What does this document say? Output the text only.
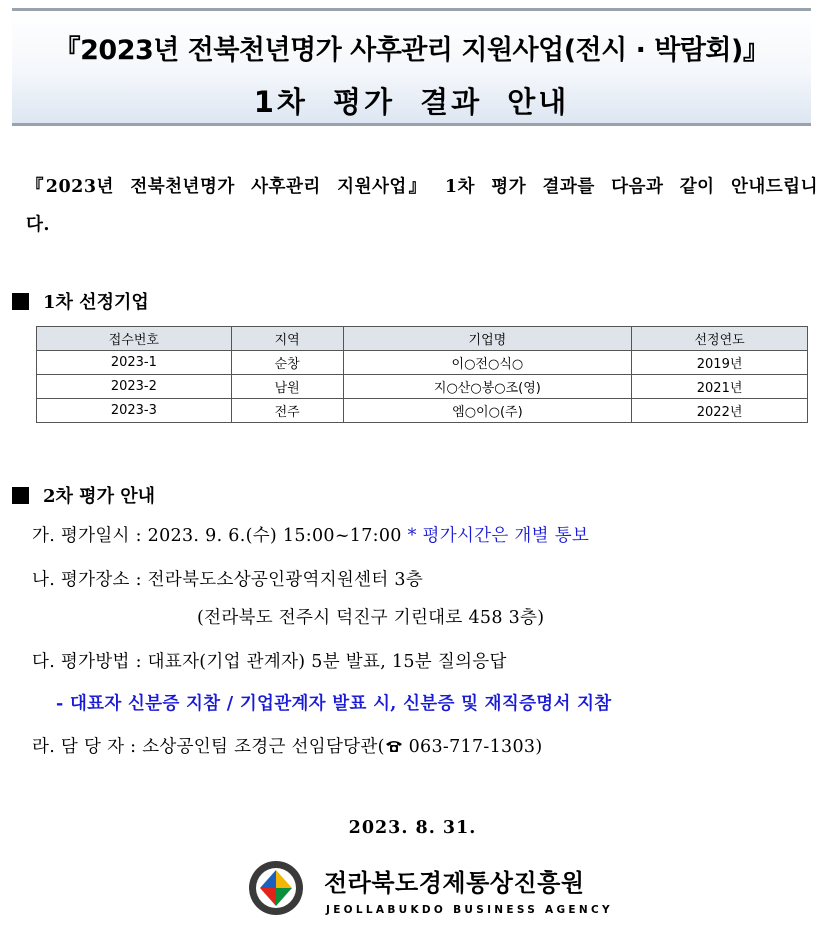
『2023년 전북천년명가 사후관리 지원사업(전시 · 박람회)』
1차 평가 결과 안내
『2023년 전북천년명가 사후관리 지원사업』 1차 평가 결과를 다음과 같이 안내드립니다.
1차 선정기업
접수번호	지역	기업명	선정연도
2023-1	순창	이○전○식○	2019년
2023-2	남원	지○산○봉○조(영)	2021년
2023-3	전주	엠○이○(주)	2022년
2차 평가 안내
가. 평가일시 : 2023. 9. 6.(수) 15:00~17:00 * 평가시간은 개별 통보
나. 평가장소 : 전라북도소상공인광역지원센터 3층
(전라북도 전주시 덕진구 기린대로 458 3층)
다. 평가방법 : 대표자(기업 관계자) 5분 발표, 15분 질의응답
- 대표자 신분증 지참 / 기업관계자 발표 시, 신분증 및 재직증명서 지참
라. 담 당 자 : 소상공인팀 조경근 선임담당관( 063-717-1303)
2023. 8. 31.
전라북도경제통상진흥원
JEOLLABUKDO BUSINESS AGENCY
